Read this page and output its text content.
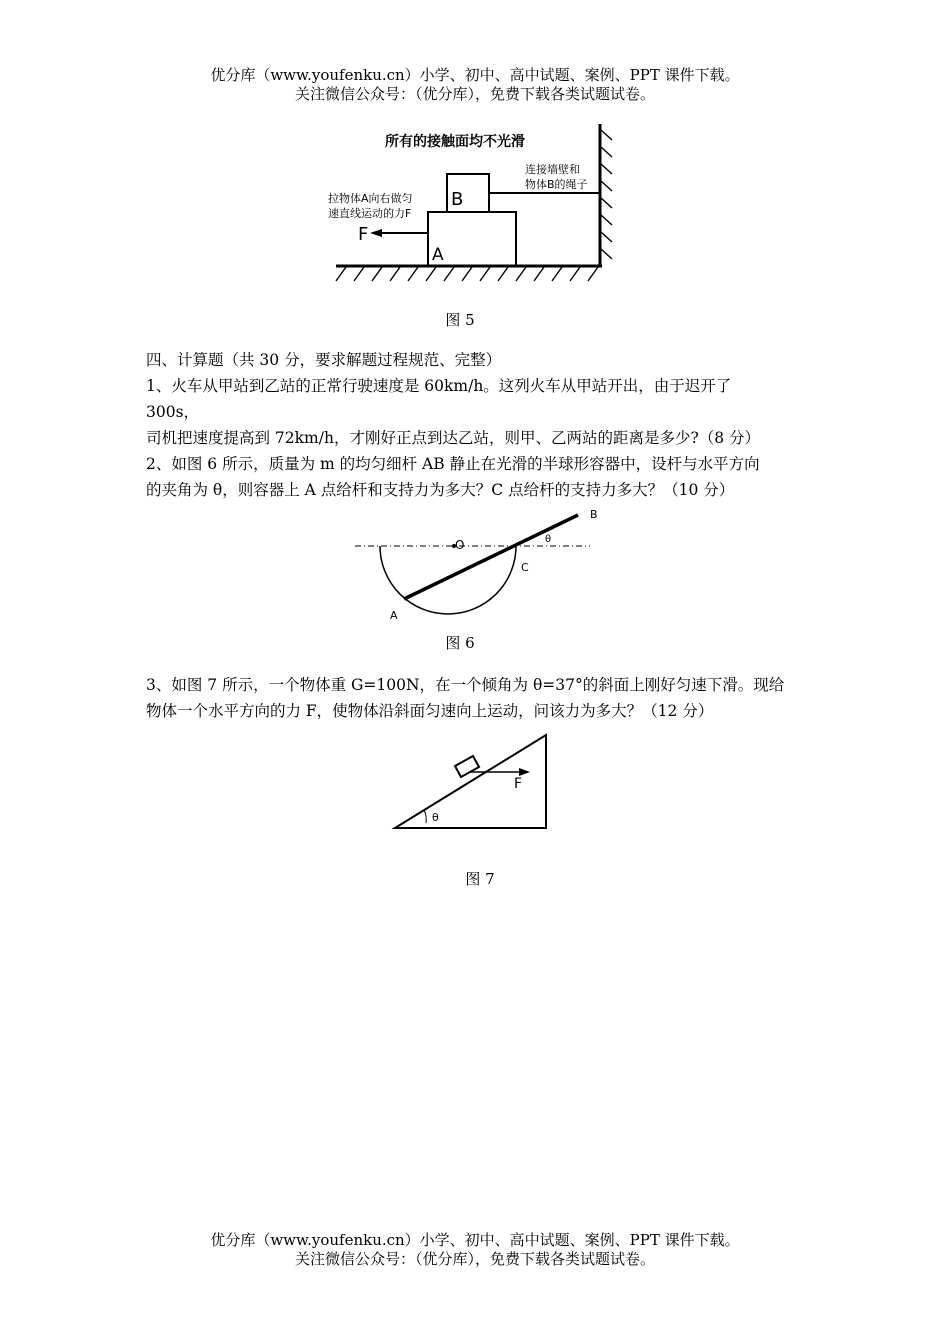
优分库（www.youfenku.cn）小学、初中、高中试题、案例、PPT 课件下载。
关注微信公众号：（优分库），免费下载各类试题试卷。
所有的接触面均不光滑
A
B
连接墙壁和
物体B的绳子
F
拉物体A向右做匀
速直线运动的力F
图 5

四、计算题（共 30 分，要求解题过程规范、完整）

1、火车从甲站到乙站的正常行驶速度是 60km/h。这列火车从甲站开出，由于迟开了

300s，

司机把速度提高到 72km/h，才刚好正点到达乙站，则甲、乙两站的距离是多少?（8 分）

2、如图 6 所示，质量为 m 的均匀细杆 AB 静止在光滑的半球形容器中，设杆与水平方向

的夹角为 θ，则容器上 A 点给杆和支持力为多大？C 点给杆的支持力多大？（10 分）

O
A
B
C
θ
图 6

3、如图 7 所示，一个物体重 G=100N，在一个倾角为 θ=37°的斜面上刚好匀速下滑。现给

物体一个水平方向的力 F，使物体沿斜面匀速向上运动，问该力为多大？（12 分）

F
θ
图 7
优分库（www.youfenku.cn）小学、初中、高中试题、案例、PPT 课件下载。
关注微信公众号：（优分库），免费下载各类试题试卷。
